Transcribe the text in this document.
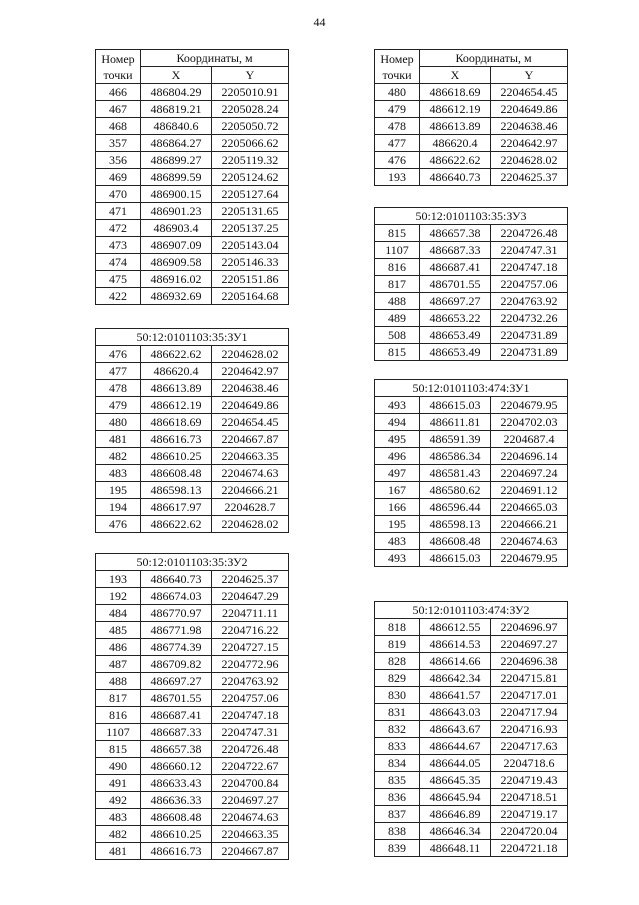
44
Номер
точки	Координаты, м	
	X	Y
466	486804.29	2205010.91
467	486819.21	2205028.24
468	486840.6	2205050.72
357	486864.27	2205066.62
356	486899.27	2205119.32
469	486899.59	2205124.62
470	486900.15	2205127.64
471	486901.23	2205131.65
472	486903.4	2205137.25
473	486907.09	2205143.04
474	486909.58	2205146.33
475	486916.02	2205151.86
422	486932.69	2205164.68
50:12:0101103:35:ЗУ1		
476	486622.62	2204628.02
477	486620.4	2204642.97
478	486613.89	2204638.46
479	486612.19	2204649.86
480	486618.69	2204654.45
481	486616.73	2204667.87
482	486610.25	2204663.35
483	486608.48	2204674.63
195	486598.13	2204666.21
194	486617.97	2204628.7
476	486622.62	2204628.02
50:12:0101103:35:ЗУ2		
193	486640.73	2204625.37
192	486674.03	2204647.29
484	486770.97	2204711.11
485	486771.98	2204716.22
486	486774.39	2204727.15
487	486709.82	2204772.96
488	486697.27	2204763.92
817	486701.55	2204757.06
816	486687.41	2204747.18
1107	486687.33	2204747.31
815	486657.38	2204726.48
490	486660.12	2204722.67
491	486633.43	2204700.84
492	486636.33	2204697.27
483	486608.48	2204674.63
482	486610.25	2204663.35
481	486616.73	2204667.87
Номер
точки	Координаты, м	
	X	Y
480	486618.69	2204654.45
479	486612.19	2204649.86
478	486613.89	2204638.46
477	486620.4	2204642.97
476	486622.62	2204628.02
193	486640.73	2204625.37
50:12:0101103:35:ЗУ3		
815	486657.38	2204726.48
1107	486687.33	2204747.31
816	486687.41	2204747.18
817	486701.55	2204757.06
488	486697.27	2204763.92
489	486653.22	2204732.26
508	486653.49	2204731.89
815	486653.49	2204731.89
50:12:0101103:474:ЗУ1		
493	486615.03	2204679.95
494	486611.81	2204702.03
495	486591.39	2204687.4
496	486586.34	2204696.14
497	486581.43	2204697.24
167	486580.62	2204691.12
166	486596.44	2204665.03
195	486598.13	2204666.21
483	486608.48	2204674.63
493	486615.03	2204679.95
50:12:0101103:474:ЗУ2		
818	486612.55	2204696.97
819	486614.53	2204697.27
828	486614.66	2204696.38
829	486642.34	2204715.81
830	486641.57	2204717.01
831	486643.03	2204717.94
832	486643.67	2204716.93
833	486644.67	2204717.63
834	486644.05	2204718.6
835	486645.35	2204719.43
836	486645.94	2204718.51
837	486646.89	2204719.17
838	486646.34	2204720.04
839	486648.11	2204721.18
